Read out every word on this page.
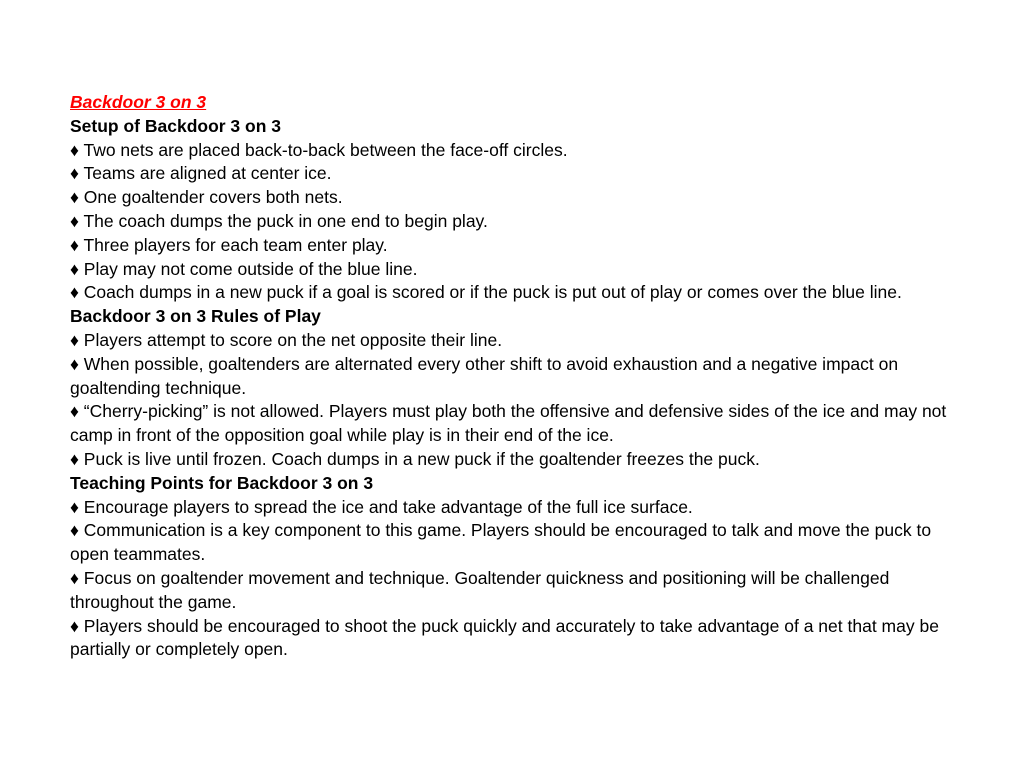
Backdoor 3 on 3
Setup of Backdoor 3 on 3
♦ Two nets are placed back-to-back between the face-off circles.
♦ Teams are aligned at center ice.
♦ One goaltender covers both nets.
♦ The coach dumps the puck in one end to begin play.
♦ Three players for each team enter play.
♦ Play may not come outside of the blue line.
♦ Coach dumps in a new puck if a goal is scored or if the puck is put out of play or comes over the blue line.
Backdoor 3 on 3 Rules of Play
♦ Players attempt to score on the net opposite their line.
♦ When possible, goaltenders are alternated every other shift to avoid exhaustion and a negative impact on goaltending technique.
♦ “Cherry-picking” is not allowed. Players must play both the offensive and defensive sides of the ice and may not camp in front of the opposition goal while play is in their end of the ice.
♦ Puck is live until frozen. Coach dumps in a new puck if the goaltender freezes the puck.
Teaching Points for Backdoor 3 on 3
♦ Encourage players to spread the ice and take advantage of the full ice surface.
♦ Communication is a key component to this game. Players should be encouraged to talk and move the puck to open teammates.
♦ Focus on goaltender movement and technique. Goaltender quickness and positioning will be challenged throughout the game.
♦ Players should be encouraged to shoot the puck quickly and accurately to take advantage of a net that may be partially or completely open.
